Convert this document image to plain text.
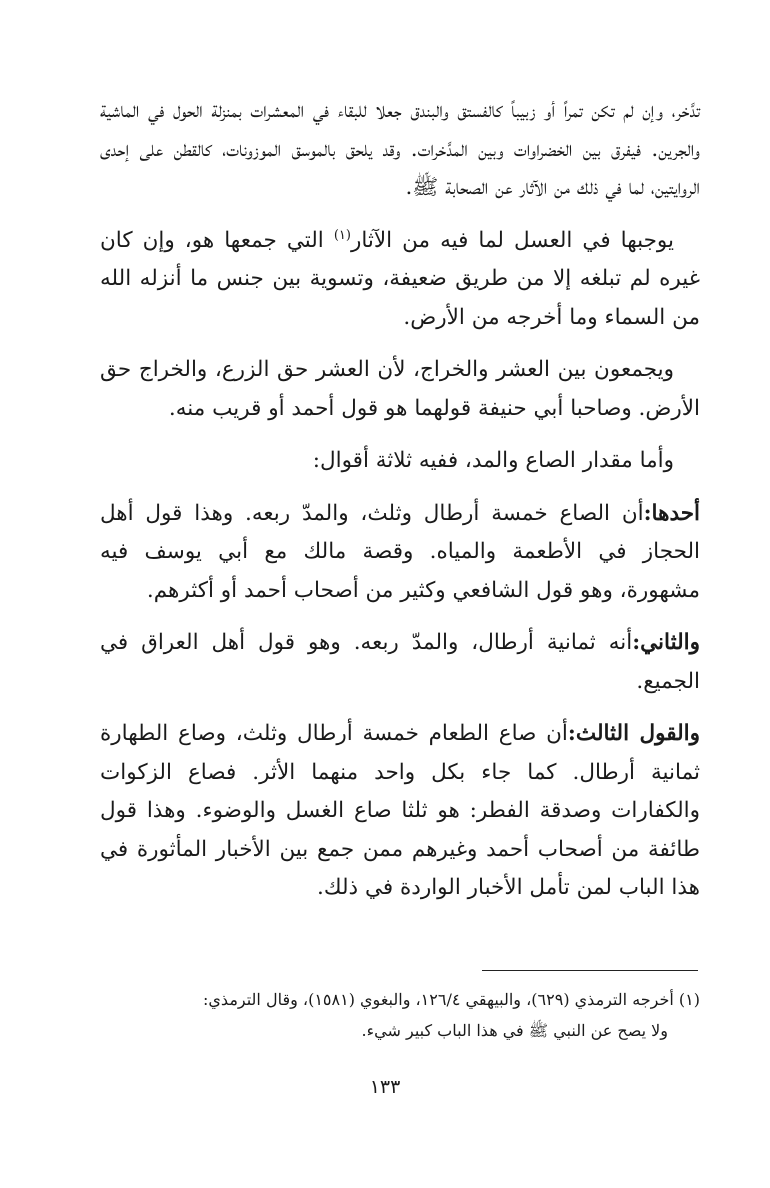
تدَّخر، وإن لم تكن تمراً أو زبيباً كالفستق والبندق جعلا للبقاء في المعشرات بمنزلة الحول في الماشية والجرين. فيفرق بين الخضراوات وبين المدَّخرات. وقد يلحق بالموسق الموزونات، كالقطن على إحدى الروايتين، لما في ذلك من الآثار عن الصحابة ﷺ.

يوجبها في العسل لما فيه من الآثار$^{(١)}$ التي جمعها هو، وإن كان غيره لم تبلغه إلا من طريق ضعيفة، وتسوية بين جنس ما أنزله الله من السماء وما أخرجه من الأرض.

ويجمعون بين العشر والخراج، لأن العشر حق الزرع، والخراج حق الأرض. وصاحبا أبي حنيفة قولهما هو قول أحمد أو قريب منه.

وأما مقدار الصاع والمد، ففيه ثلاثة أقوال:

أحدها:أن الصاع خمسة أرطال وثلث، والمدّ ربعه. وهذا قول أهل الحجاز في الأطعمة والمياه. وقصة مالك مع أبي يوسف فيه مشهورة، وهو قول الشافعي وكثير من أصحاب أحمد أو أكثرهم.

والثاني:أنه ثمانية أرطال، والمدّ ربعه. وهو قول أهل العراق في الجميع.

والقول الثالث:أن صاع الطعام خمسة أرطال وثلث، وصاع الطهارة ثمانية أرطال. كما جاء بكل واحد منهما الأثر. فصاع الزكوات والكفارات وصدقة الفطر: هو ثلثا صاع الغسل والوضوء. وهذا قول طائفة من أصحاب أحمد وغيرهم ممن جمع بين الأخبار المأثورة في هذا الباب لمن تأمل الأخبار الواردة في ذلك.

(١) أخرجه الترمذي (٦٢٩)، والبيهقي ١٢٦/٤، والبغوي (١٥٨١)، وقال الترمذي:

ولا يصح عن النبي ﷺ في هذا الباب كبير شيء.

١٣٣
